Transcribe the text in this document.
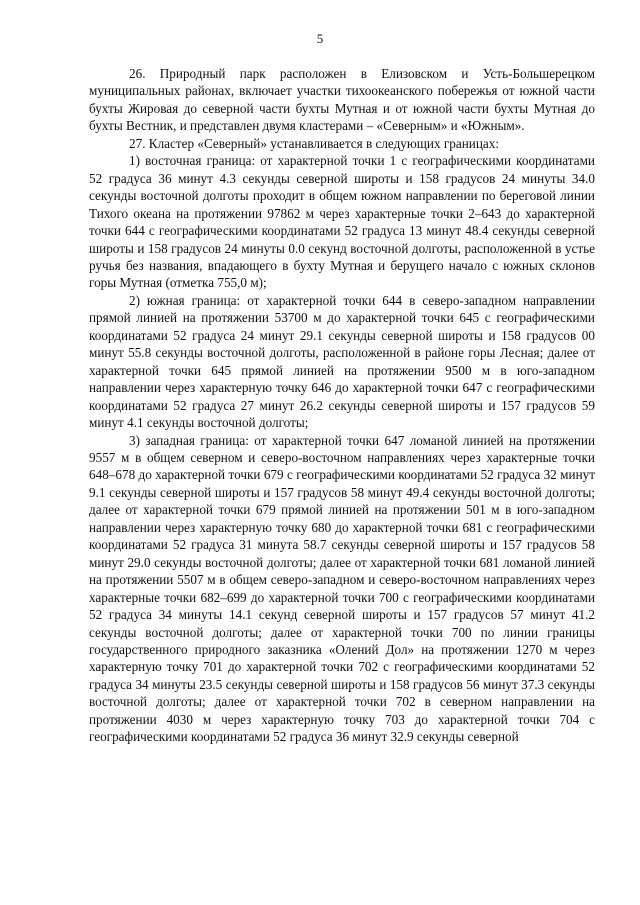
5

26. Природный парк расположен в Елизовском и Усть-Большерецком муниципальных районах, включает участки тихоокеанского побережья от южной части бухты Жировая до северной части бухты Мутная и от южной части бухты Мутная до бухты Вестник, и представлен двумя кластерами – «Северным» и «Южным».

27. Кластер «Северный» устанавливается в следующих границах:

1) восточная граница: от характерной точки 1 с географическими координатами 52 градуса 36 минут 4.3 секунды северной широты и 158 градусов 24 минуты 34.0 секунды восточной долготы проходит в общем южном направлении по береговой линии Тихого океана на протяжении 97862 м через характерные точки 2–643 до характерной точки 644 с географическими координатами 52 градуса 13 минут 48.4 секунды северной широты и 158 градусов 24 минуты 0.0 секунд восточной долготы, расположенной в устье ручья без названия, впадающего в бухту Мутная и берущего начало с южных склонов горы Мутная (отметка 755,0 м);

2) южная граница: от характерной точки 644 в северо-западном направлении прямой линией на протяжении 53700 м до характерной точки 645 с географическими координатами 52 градуса 24 минут 29.1 секунды северной широты и 158 градусов 00 минут 55.8 секунды восточной долготы, расположенной в районе горы Лесная; далее от характерной точки 645 прямой линией на протяжении 9500 м в юго-западном направлении через характерную точку 646 до характерной точки 647 с географическими координатами 52 градуса 27 минут 26.2 секунды северной широты и 157 градусов 59 минут 4.1 секунды восточной долготы;

3) западная граница: от характерной точки 647 ломаной линией на протяжении 9557 м в общем северном и северо-восточном направлениях через характерные точки 648–678 до характерной точки 679 с географическими координатами 52 градуса 32 минут 9.1 секунды северной широты и 157 градусов 58 минут 49.4 секунды восточной долготы; далее от характерной точки 679 прямой линией на протяжении 501 м в юго-западном направлении через характерную точку 680 до характерной точки 681 с географическими координатами 52 градуса 31 минута 58.7 секунды северной широты и 157 градусов 58 минут 29.0 секунды восточной долготы; далее от характерной точки 681 ломаной линией на протяжении 5507 м в общем северо-западном и северо-восточном направлениях через характерные точки 682–699 до характерной точки 700 с географическими координатами 52 градуса 34 минуты 14.1 секунд северной широты и 157 градусов 57 минут 41.2 секунды восточной долготы; далее от характерной точки 700 по линии границы государственного природного заказника «Олений Дол» на протяжении 1270 м через характерную точку 701 до характерной точки 702 с географическими координатами 52 градуса 34 минуты 23.5 секунды северной широты и 158 градусов 56 минут 37.3 секунды восточной долготы; далее от характерной точки 702 в северном направлении на протяжении 4030 м через характерную точку 703 до характерной точки 704 с географическими координатами 52 градуса 36 минут 32.9 секунды северной
